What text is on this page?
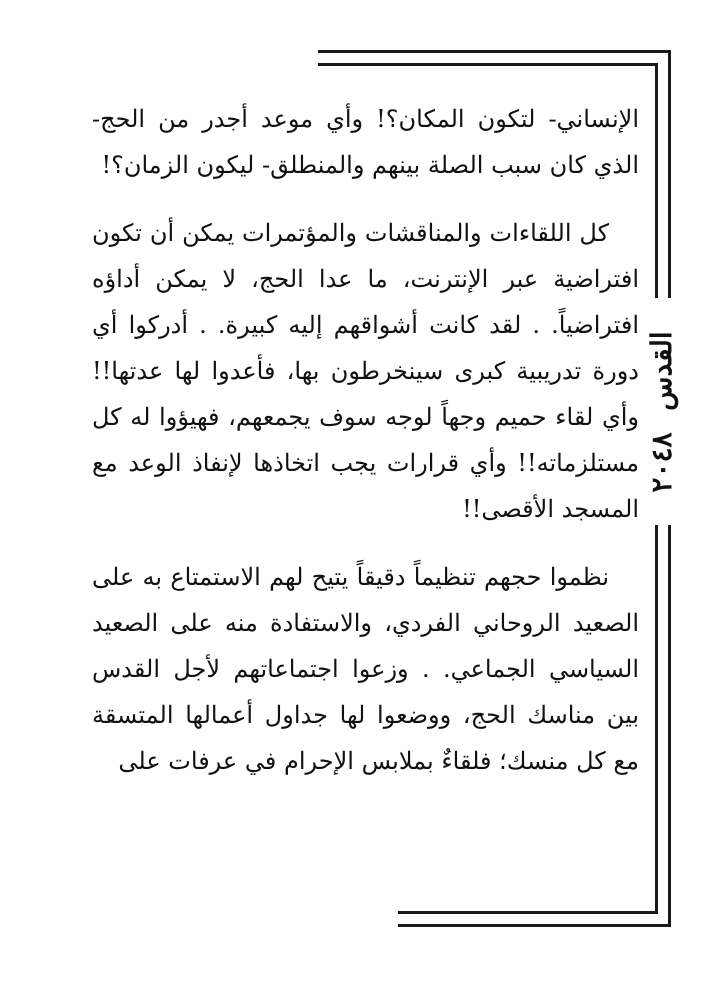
القدس ٢٠٤٨

الإنساني- لتكون المكان؟! وأي موعد أجدر من الحج- الذي كان سبب الصلة بينهم والمنطلق- ليكون الزمان؟!

كل اللقاءات والمناقشات والمؤتمرات يمكن أن تكون افتراضية عبر الإنترنت، ما عدا الحج، لا يمكن أداؤه افتراضياً. . لقد كانت أشواقهم إليه كبيرة. . أدركوا أي دورة تدريبية كبرى سينخرطون بها، فأعدوا لها عدتها!! وأي لقاء حميم وجهاً لوجه سوف يجمعهم، فهيؤوا له كل مستلزماته!! وأي قرارات يجب اتخاذها لإنفاذ الوعد مع المسجد الأقصى!!

نظموا حجهم تنظيماً دقيقاً يتيح لهم الاستمتاع به على الصعيد الروحاني الفردي، والاستفادة منه على الصعيد السياسي الجماعي. . وزعوا اجتماعاتهم لأجل القدس بين مناسك الحج، ووضعوا لها جداول أعمالها المتسقة مع كل منسك؛ فلقاءٌ بملابس الإحرام في عرفات على
